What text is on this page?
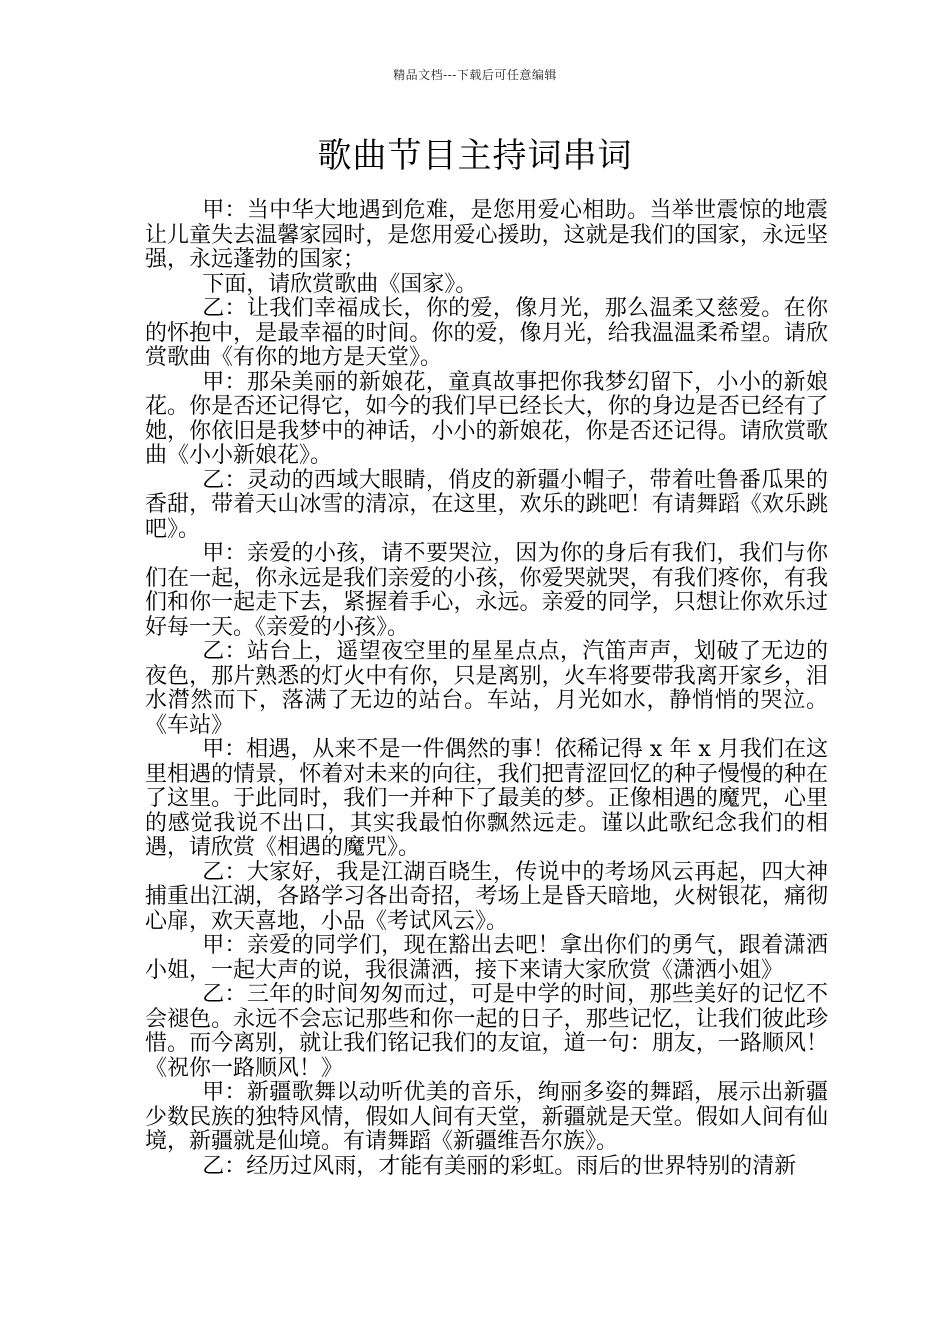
精品文档---下载后可任意编辑
歌曲节目主持词串词

甲：当中华大地遇到危难，是您用爱心相助。当举世震惊的地震让儿童失去温馨家园时，是您用爱心援助，这就是我们的国家，永远坚强，永远蓬勃的国家；

下面，请欣赏歌曲《国家》。

乙：让我们幸福成长，你的爱，像月光，那么温柔又慈爱。在你的怀抱中，是最幸福的时间。你的爱，像月光，给我温温柔希望。请欣赏歌曲《有你的地方是天堂》。

甲：那朵美丽的新娘花，童真故事把你我梦幻留下，小小的新娘花。你是否还记得它，如今的我们早已经长大，你的身边是否已经有了她，你依旧是我梦中的神话，小小的新娘花，你是否还记得。请欣赏歌曲《小小新娘花》。

乙：灵动的西域大眼睛，俏皮的新疆小帽子，带着吐鲁番瓜果的香甜，带着天山冰雪的清凉，在这里，欢乐的跳吧！有请舞蹈《欢乐跳吧》。

甲：亲爱的小孩，请不要哭泣，因为你的身后有我们，我们与你们在一起，你永远是我们亲爱的小孩，你爱哭就哭，有我们疼你，有我们和你一起走下去，紧握着手心，永远。亲爱的同学，只想让你欢乐过好每一天。《亲爱的小孩》。

乙：站台上，遥望夜空里的星星点点，汽笛声声，划破了无边的夜色，那片熟悉的灯火中有你，只是离别，火车将要带我离开家乡，泪水潸然而下，落满了无边的站台。车站，月光如水，静悄悄的哭泣。《车站》

甲：相遇，从来不是一件偶然的事！依稀记得 x 年 x 月我们在这里相遇的情景，怀着对未来的向往，我们把青涩回忆的种子慢慢的种在了这里。于此同时，我们一并种下了最美的梦。正像相遇的魔咒，心里的感觉我说不出口，其实我最怕你飘然远走。谨以此歌纪念我们的相遇，请欣赏《相遇的魔咒》。

乙：大家好，我是江湖百晓生，传说中的考场风云再起，四大神捕重出江湖，各路学习各出奇招，考场上是昏天暗地，火树银花，痛彻心扉，欢天喜地，小品《考试风云》。

甲：亲爱的同学们，现在豁出去吧！拿出你们的勇气，跟着潇洒小姐，一起大声的说，我很潇洒，接下来请大家欣赏《潇洒小姐》

乙：三年的时间匆匆而过，可是中学的时间，那些美好的记忆不会褪色。永远不会忘记那些和你一起的日子，那些记忆，让我们彼此珍惜。而今离别，就让我们铭记我们的友谊，道一句：朋友，一路顺风！《祝你一路顺风！》

甲：新疆歌舞以动听优美的音乐，绚丽多姿的舞蹈，展示出新疆少数民族的独特风情，假如人间有天堂，新疆就是天堂。假如人间有仙境，新疆就是仙境。有请舞蹈《新疆维吾尔族》。

乙：经历过风雨，才能有美丽的彩虹。雨后的世界特别的清新
